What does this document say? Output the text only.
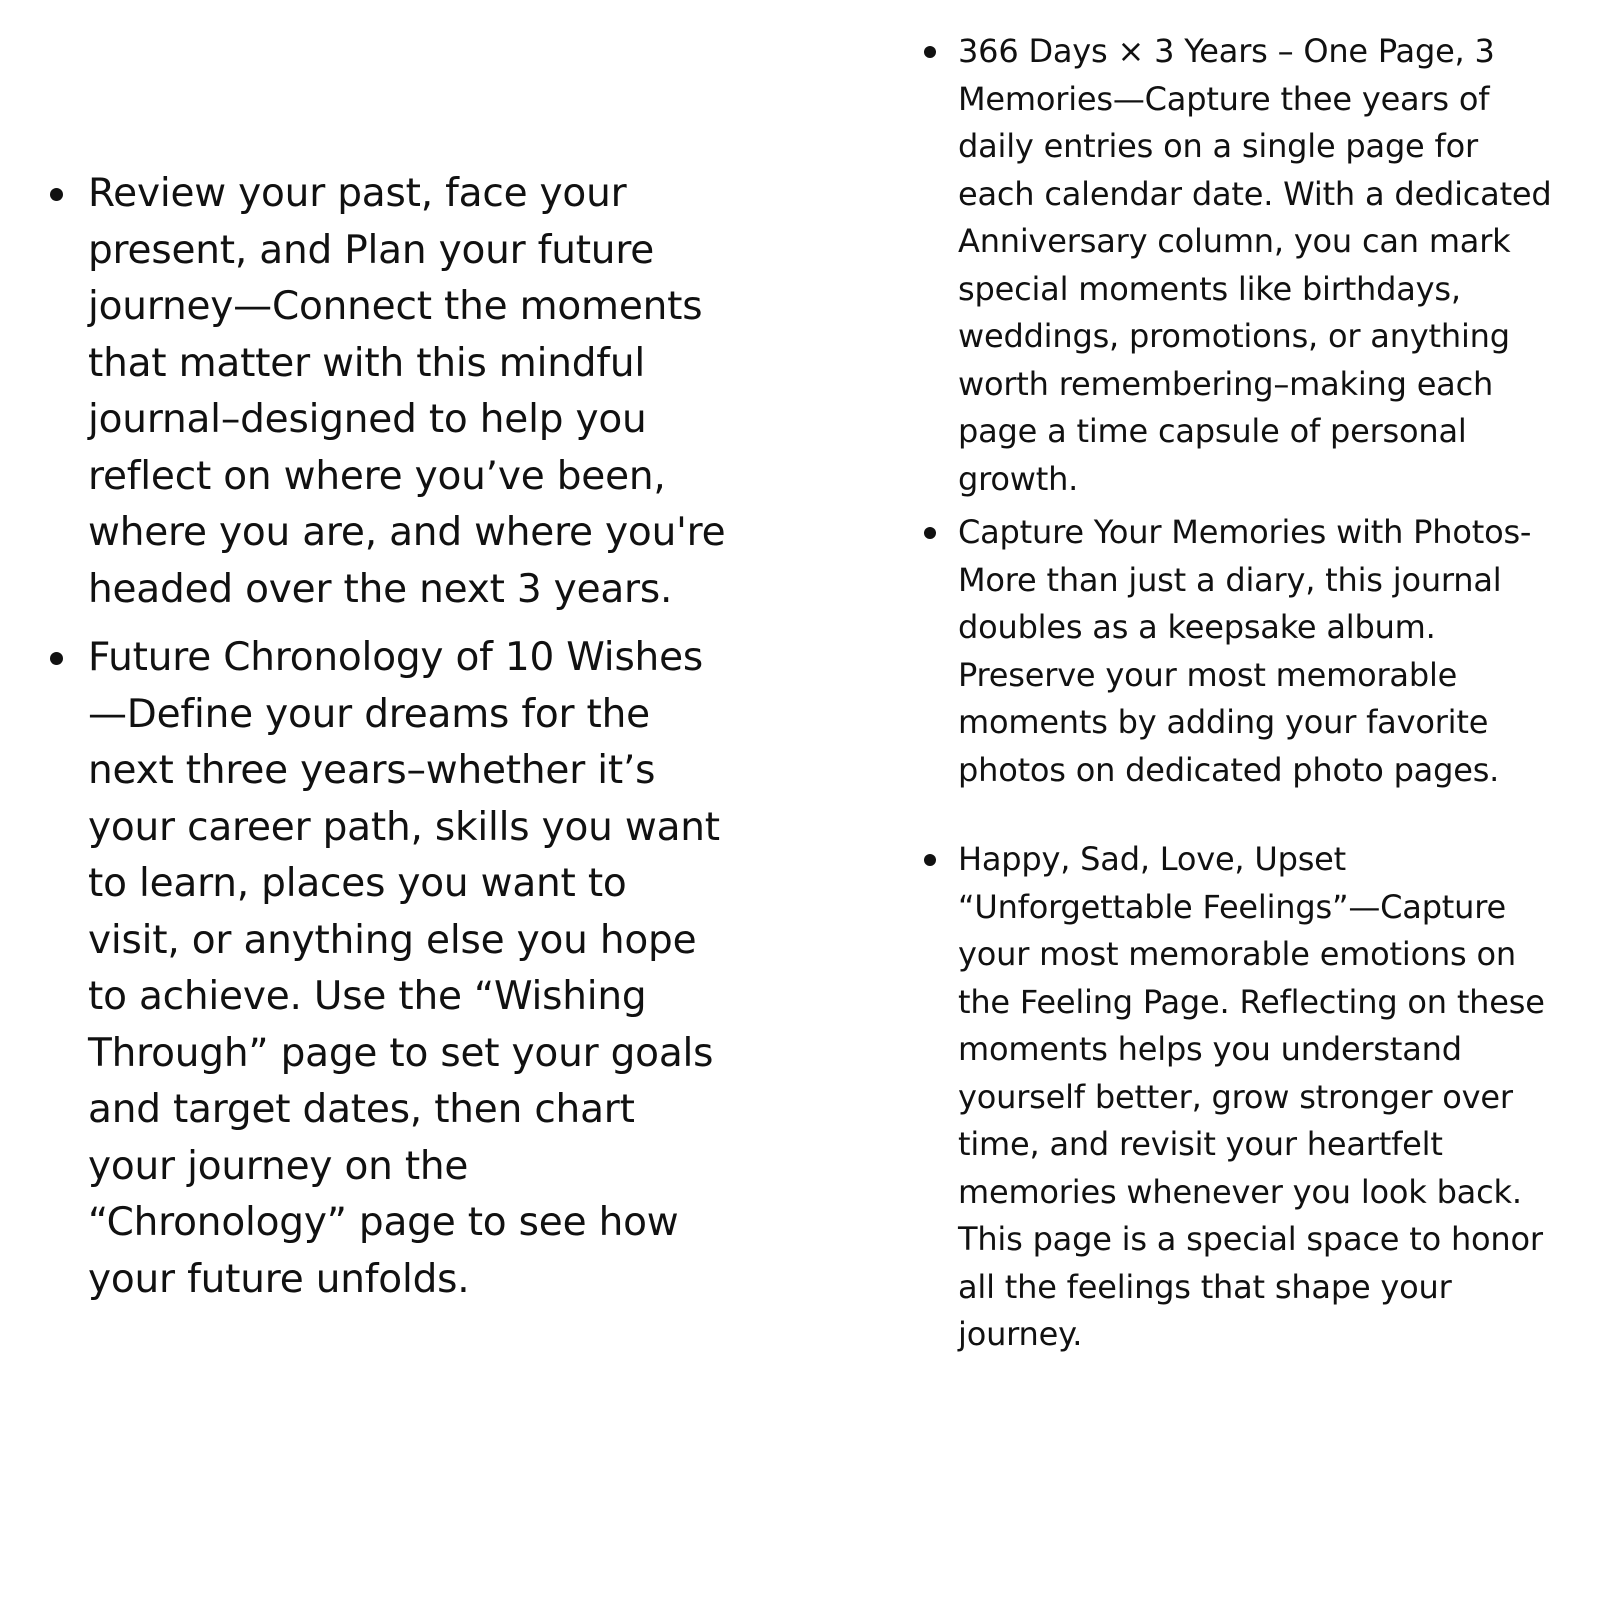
Review your past, face your present, and Plan your future journey—Connect the moments that matter with this mindful journal–designed to help you reflect on where you’ve been, where you are, and where you're headed over the next 3 years.
Future Chronology of 10 Wishes—Define your dreams for the next three years–whether it’s your career path, skills you want to learn, places you want to visit, or anything else you hope to achieve. Use the “Wishing Through” page to set your goals and target dates, then chart your journey on the “Chronology” page to see how your future unfolds.
366 Days × 3 Years – One Page, 3 Memories—Capture thee years of daily entries on a single page for each calendar date. With a dedicated Anniversary column, you can mark special moments like birthdays, weddings, promotions, or anything worth remembering–making each page a time capsule of personal growth.
Capture Your Memories with Photos- More than just a diary, this journal doubles as a keepsake album. Preserve your most memorable moments by adding your favorite photos on dedicated photo pages.
Happy, Sad, Love, Upset “Unforgettable Feelings”—Capture your most memorable emotions on the Feeling Page. Reflecting on these moments helps you understand yourself better, grow stronger over time, and revisit your heartfelt memories whenever you look back. This page is a special space to honor all the feelings that shape your journey.
